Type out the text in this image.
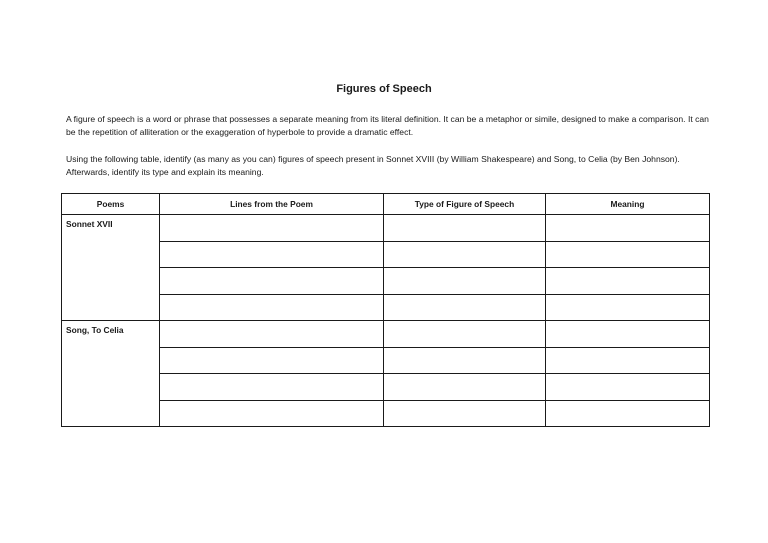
Figures of Speech

A figure of speech is a word or phrase that possesses a separate meaning from its literal definition. It can be a metaphor or simile, designed to make a comparison. It can be the repetition of alliteration or the exaggeration of hyperbole to provide a dramatic effect.

Using the following table, identify (as many as you can) figures of speech present in Sonnet XVIII (by William Shakespeare) and Song, to Celia (by Ben Johnson). Afterwards, identify its type and explain its meaning.

Poems	Lines from the Poem	Type of Figure of Speech	Meaning
Sonnet XVII			

Song, To Celia			
